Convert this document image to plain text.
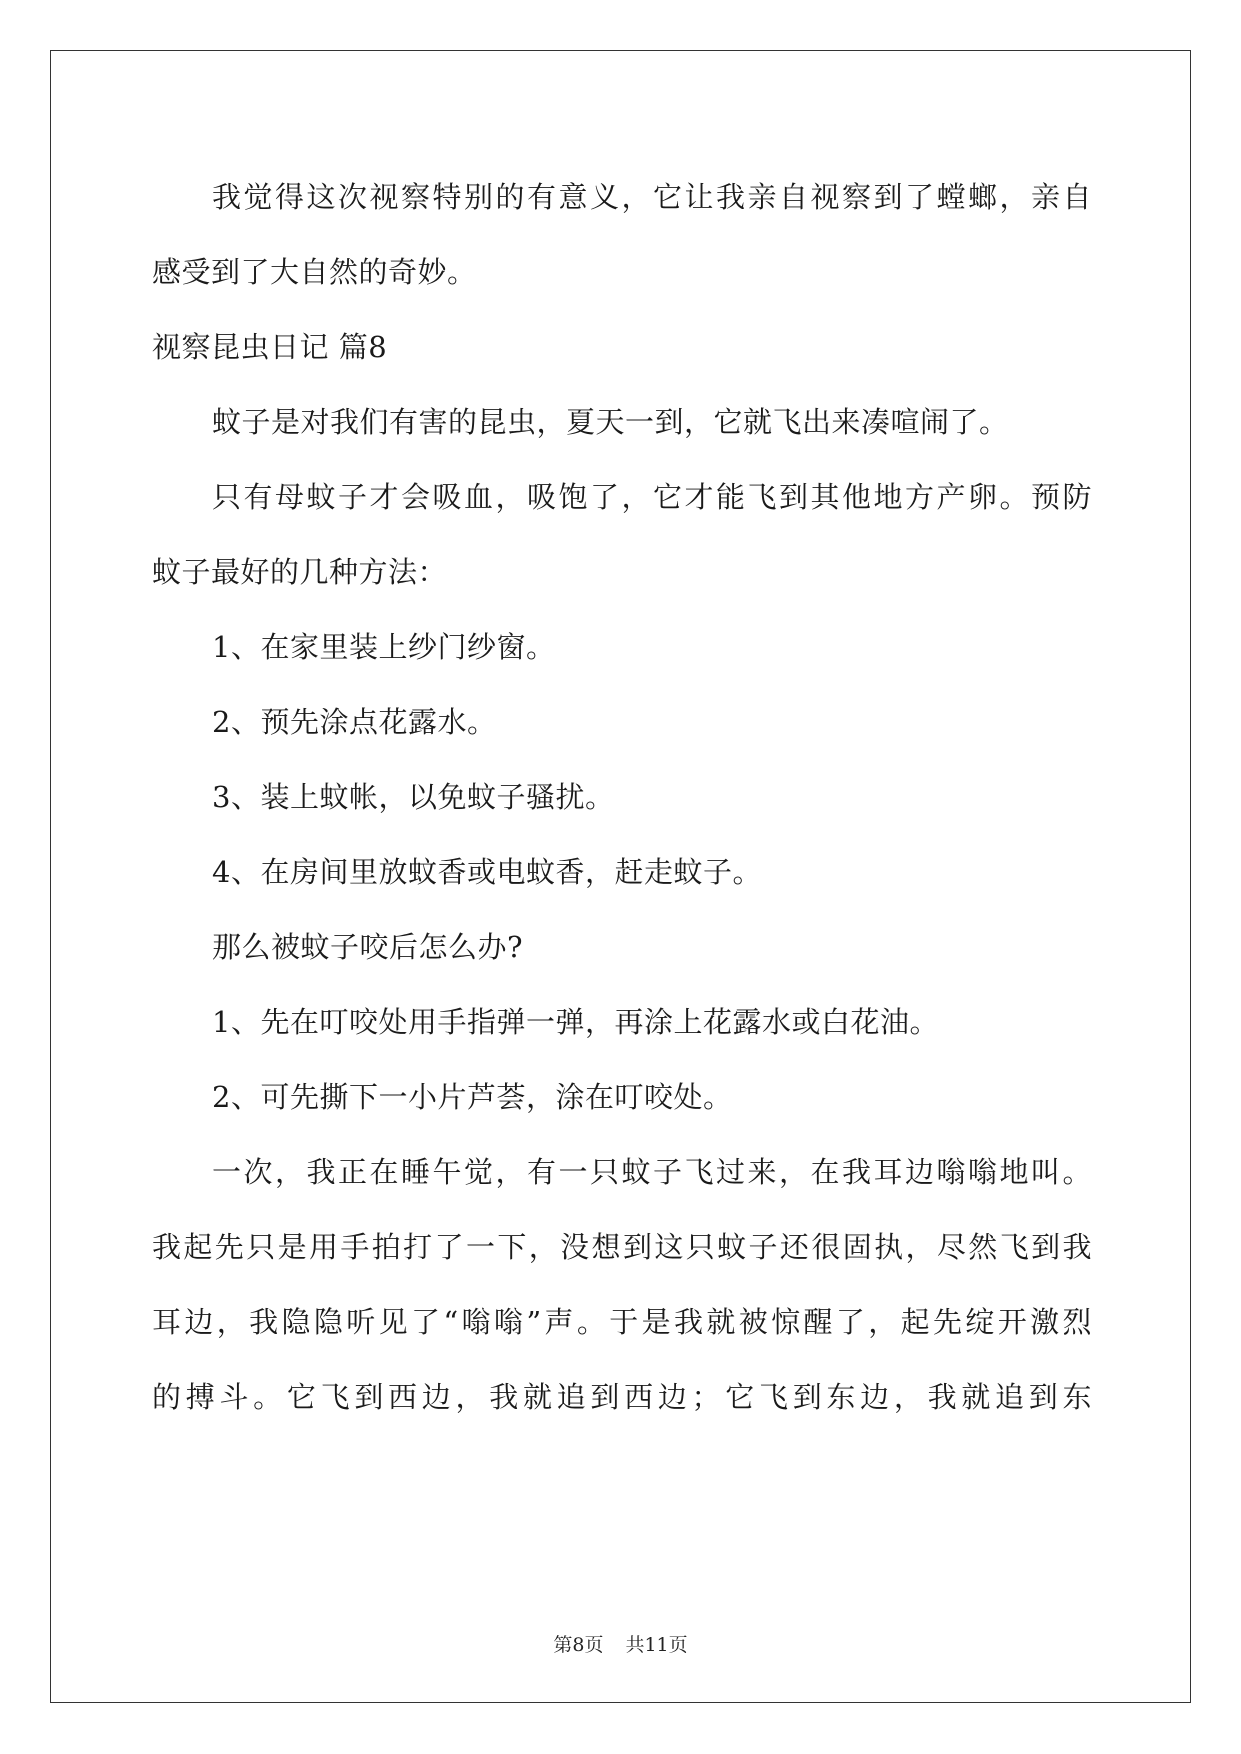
我觉得这次视察特别的有意义，它让我亲自视察到了螳螂，亲自
感受到了大自然的奇妙。
视察昆虫日记 篇8
蚊子是对我们有害的昆虫，夏天一到，它就飞出来凑喧闹了。
只有母蚊子才会吸血，吸饱了，它才能飞到其他地方产卵。预防
蚊子最好的几种方法：
1、在家里装上纱门纱窗。
2、预先涂点花露水。
3、装上蚊帐，以免蚊子骚扰。
4、在房间里放蚊香或电蚊香，赶走蚊子。
那么被蚊子咬后怎么办?
1、先在叮咬处用手指弹一弹，再涂上花露水或白花油。
2、可先撕下一小片芦荟，涂在叮咬处。
一次，我正在睡午觉，有一只蚊子飞过来，在我耳边嗡嗡地叫。
我起先只是用手拍打了一下，没想到这只蚊子还很固执，尽然飞到我
耳边，我隐隐听见了“嗡嗡”声。于是我就被惊醒了，起先绽开激烈
的搏斗。它飞到西边，我就追到西边；它飞到东边，我就追到东
第8页 共11页
